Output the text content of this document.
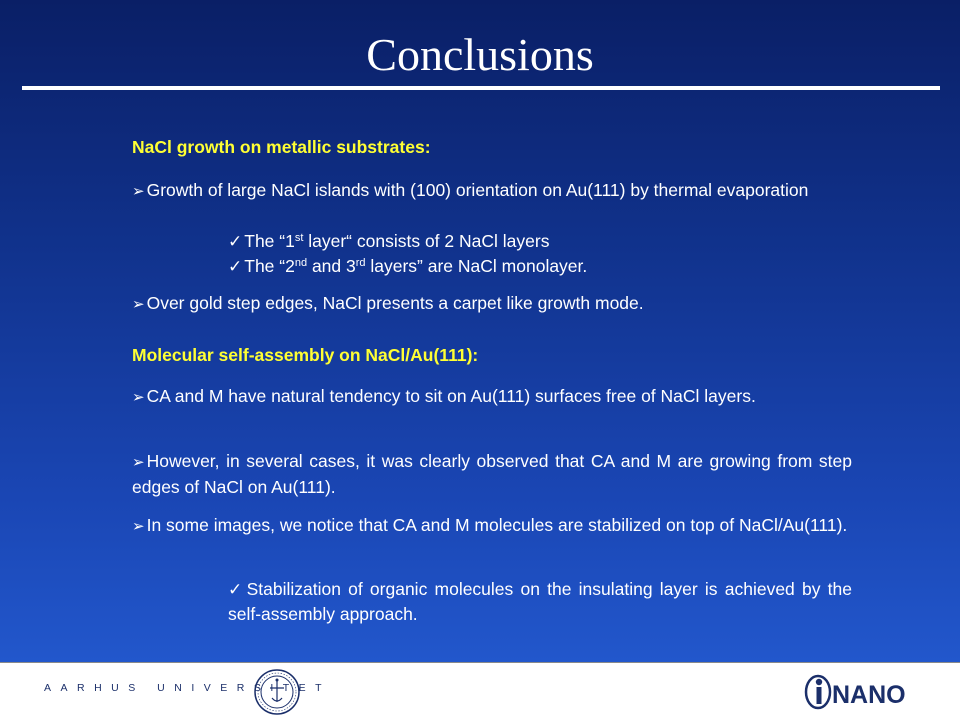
Conclusions
NaCl growth on metallic substrates:
➢ Growth of large NaCl islands with (100) orientation on Au(111) by thermal evaporation
✓ The “1st layer“ consists of 2 NaCl layers
✓ The “2nd and 3rd layers” are NaCl monolayer.
➢ Over gold step edges, NaCl presents a carpet like growth mode.
Molecular self-assembly on NaCl/Au(111):
➢ CA and M have natural tendency to sit on Au(111) surfaces free of NaCl layers.
➢ However, in several cases, it was clearly observed that CA and M are growing from step edges of NaCl on Au(111).
➢ In some images, we notice that CA and M molecules are stabilized on top of NaCl/Au(111).
✓ Stabilization of organic molecules on the insulating layer is achieved by the self-assembly approach.
AARHUS UNIVERSITET	NANO
